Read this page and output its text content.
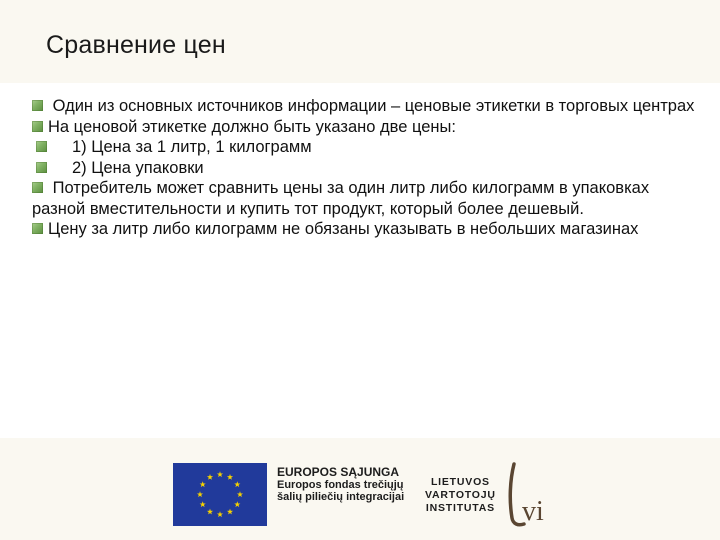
Сравнение цен

Один из основных источников информации – ценовые этикетки в торговых центрах

На ценовой этикетке должно быть указано две цены:

1) Цена за 1 литр, 1 килограмм

2) Цена упаковки

Потребитель может сравнить цены за один литр либо килограмм в упаковках разной вместительности и купить тот продукт, который более дешевый.

Цену за литр либо килограмм не обязаны указывать в небольших магазинах

EUROPOS SĄJUNGA
Europos fondas trečiųjų
šalių piliečių integracijai
LIETUVOS
VARTOTOJŲ
INSTITUTAS vi
